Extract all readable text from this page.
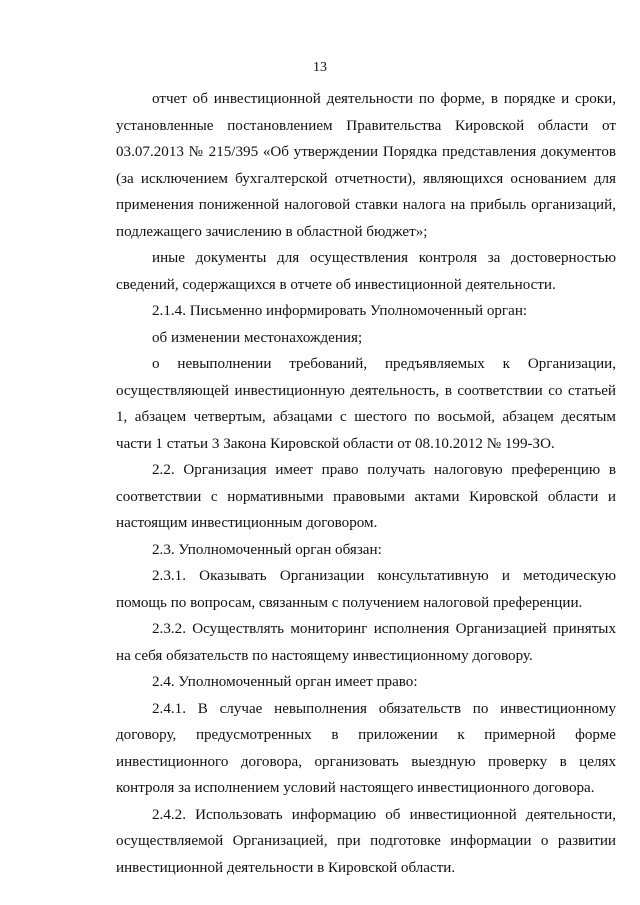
13

отчет об инвестиционной деятельности по форме, в порядке и сроки, установленные постановлением Правительства Кировской области от 03.07.2013 № 215/395 «Об утверждении Порядка представления документов (за исключением бухгалтерской отчетности), являющихся основанием для применения пониженной налоговой ставки налога на прибыль организаций, подлежащего зачислению в областной бюджет»;

иные документы для осуществления контроля за достоверностью сведений, содержащихся в отчете об инвестиционной деятельности.

2.1.4. Письменно информировать Уполномоченный орган:

об изменении местонахождения;

о невыполнении требований, предъявляемых к Организации, осуществляющей инвестиционную деятельность, в соответствии со статьей 1, абзацем четвертым, абзацами с шестого по восьмой, абзацем десятым части 1 статьи 3 Закона Кировской области от 08.10.2012 № 199-ЗО.

2.2. Организация имеет право получать налоговую преференцию в соответствии с нормативными правовыми актами Кировской области и настоящим инвестиционным договором.

2.3. Уполномоченный орган обязан:

2.3.1. Оказывать Организации консультативную и методическую помощь по вопросам, связанным с получением налоговой преференции.

2.3.2. Осуществлять мониторинг исполнения Организацией принятых на себя обязательств по настоящему инвестиционному договору.

2.4. Уполномоченный орган имеет право:

2.4.1. В случае невыполнения обязательств по инвестиционному договору, предусмотренных в приложении к примерной форме инвестиционного договора, организовать выездную проверку в целях контроля за исполнением условий настоящего инвестиционного договора.

2.4.2. Использовать информацию об инвестиционной деятельности, осуществляемой Организацией, при подготовке информации о развитии инвестиционной деятельности в Кировской области.
